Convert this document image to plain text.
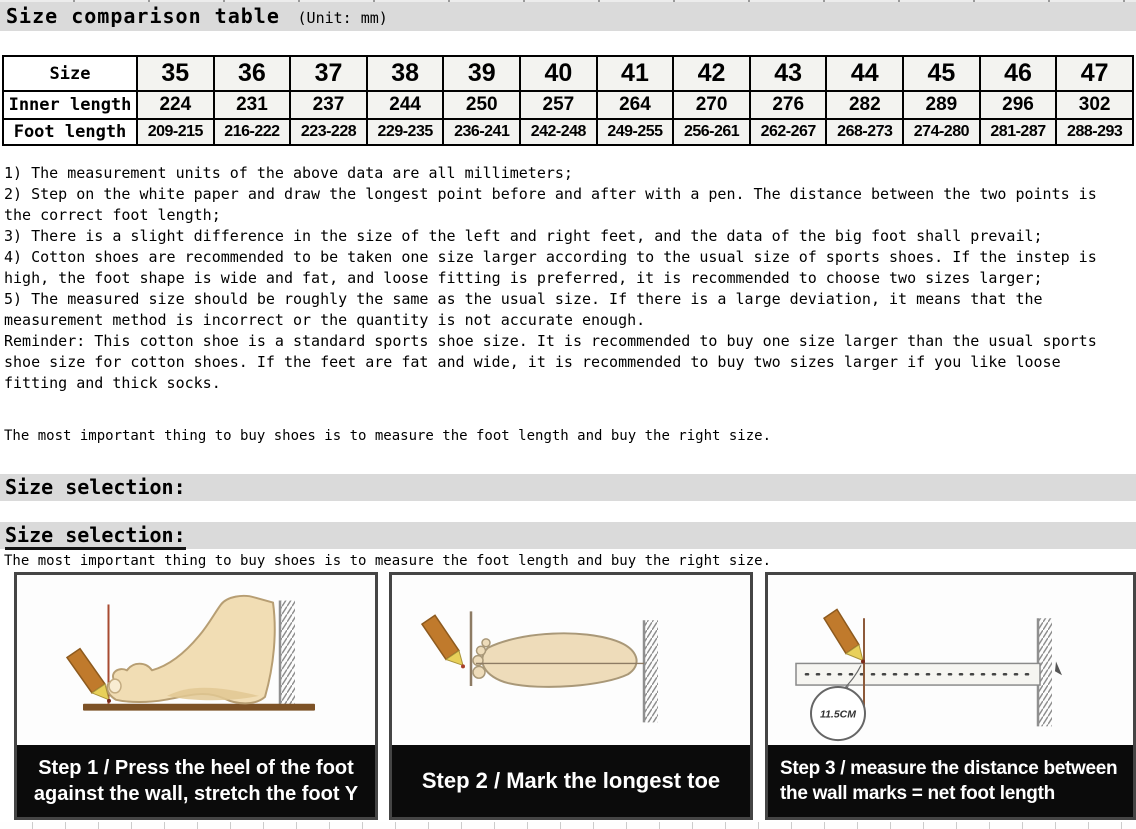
Size comparison table (Unit: mm)
Size	35	36	37	38	39	40	41	42	43	44	45	46	47
Inner length	224	231	237	244	250	257	264	270	276	282	289	296	302
Foot length	209-215	216-222	223-228	229-235	236-241	242-248	249-255	256-261	262-267	268-273	274-280	281-287	288-293

1) The measurement units of the above data are all millimeters;

2) Step on the white paper and draw the longest point before and after with a pen. The distance between the two points is the correct foot length;

3) There is a slight difference in the size of the left and right feet, and the data of the big foot shall prevail;

4) Cotton shoes are recommended to be taken one size larger according to the usual size of sports shoes. If the instep is high, the foot shape is wide and fat, and loose fitting is preferred, it is recommended to choose two sizes larger;

5) The measured size should be roughly the same as the usual size. If there is a large deviation, it means that the measurement method is incorrect or the quantity is not accurate enough.

Reminder: This cotton shoe is a standard sports shoe size. It is recommended to buy one size larger than the usual sports shoe size for cotton shoes. If the feet are fat and wide, it is recommended to buy two sizes larger if you like loose fitting and thick socks.

The most important thing to buy shoes is to measure the foot length and buy the right size.
Size selection:
Size selection:
The most important thing to buy shoes is to measure the foot length and buy the right size.
Step 1 / Press the heel of the foot
against the wall, stretch the foot Y
Step 2 / Mark the longest toe
11.5CM
Step 3 / measure the distance between
the wall marks = net foot length
